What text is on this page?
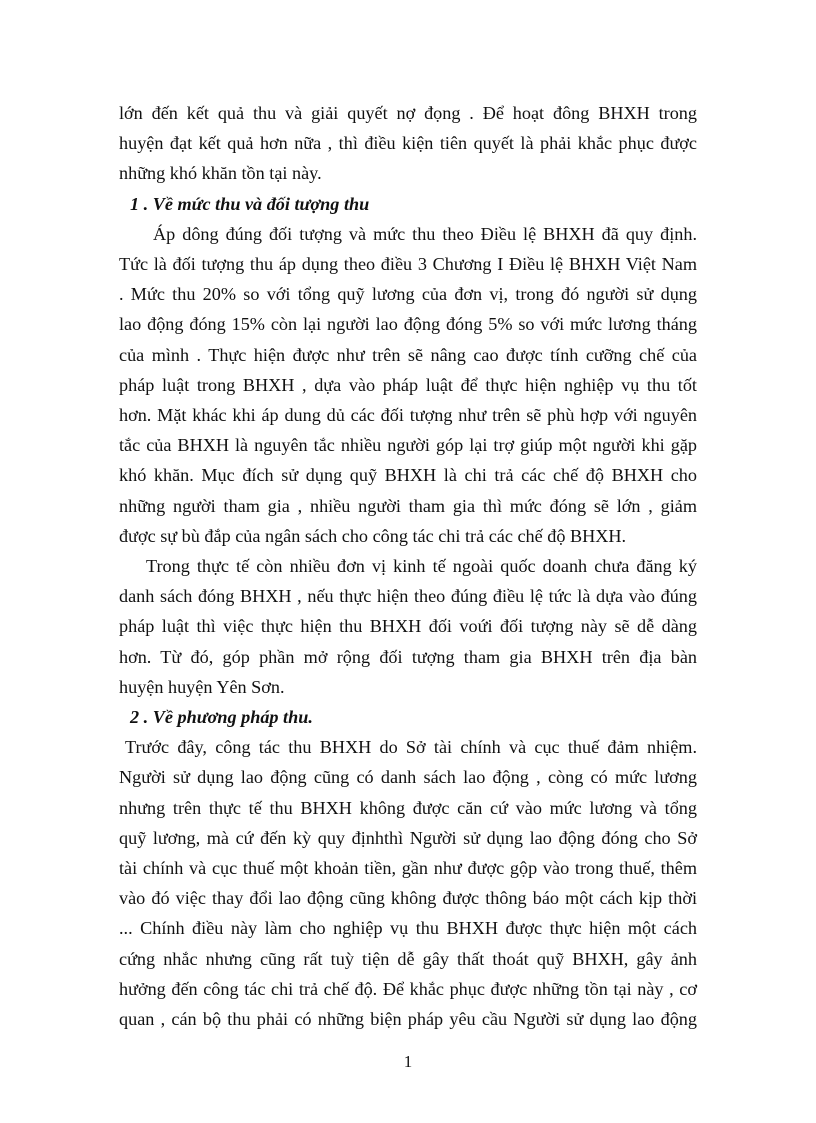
lớn đến kết quả thu và giải quyết nợ đọng . Để hoạt đông BHXH trong

huyện đạt kết quả hơn nữa , thì điều kiện tiên quyết là phải khắc phục được

những khó khăn tồn tại này.

1 . Về mức thu và đối tượng thu

Áp dông đúng đối tượng và mức thu theo Điều lệ BHXH đã quy định.

Tức là đối tượng thu áp dụng theo điều 3 Chương I Điều lệ BHXH Việt Nam

. Mức thu 20% so với tổng quỹ lương của đơn vị, trong đó người sử dụng

lao động đóng 15% còn lại người lao động đóng 5% so với mức lương tháng

của mình . Thực hiện được như trên sẽ nâng cao được tính cưỡng chế của

pháp luật trong BHXH , dựa vào pháp luật để thực hiện nghiệp vụ thu tốt

hơn. Mặt khác khi áp dung dủ các đối tượng như trên sẽ phù hợp với nguyên

tắc của BHXH là nguyên tắc nhiều người góp lại trợ giúp một người khi gặp

khó khăn. Mục đích sử dụng quỹ BHXH là chi trả các chế độ BHXH cho

những người tham gia , nhiều người tham gia thì mức đóng sẽ lớn , giảm

được sự bù đắp của ngân sách cho công tác chi trả các chế độ BHXH.

Trong thực tế còn nhiều đơn vị kinh tế ngoài quốc doanh chưa đăng ký

danh sách đóng BHXH , nếu thực hiện theo đúng điều lệ tức là dựa vào đúng

pháp luật thì việc thực hiện thu BHXH đối voứi đối tượng này sẽ dễ dàng

hơn. Từ đó, góp phần mở rộng đối tượng tham gia BHXH trên địa bàn

huyện huyện Yên Sơn.

2 . Về phương pháp thu.

Trước đây, công tác thu BHXH do Sở tài chính và cục thuế đảm nhiệm.

Người sử dụng lao động cũng có danh sách lao động , còng có mức lương

nhưng trên thực tế thu BHXH không được căn cứ vào mức lương và tổng

quỹ lương, mà cứ đến kỳ quy địnhthì Người sử dụng lao động đóng cho Sở

tài chính và cục thuế một khoản tiền, gần như được gộp vào trong thuế, thêm

vào đó việc thay đổi lao động cũng không được thông báo một cách kịp thời

... Chính điều này làm cho nghiệp vụ thu BHXH được thực hiện một cách

cứng nhắc nhưng cũng rất tuỳ tiện dễ gây thất thoát quỹ BHXH, gây ảnh

hưởng đến công tác chi trả chế độ. Để khắc phục được những tồn tại này , cơ

quan , cán bộ thu phải có những biện pháp yêu cầu Người sử dụng lao động

1
